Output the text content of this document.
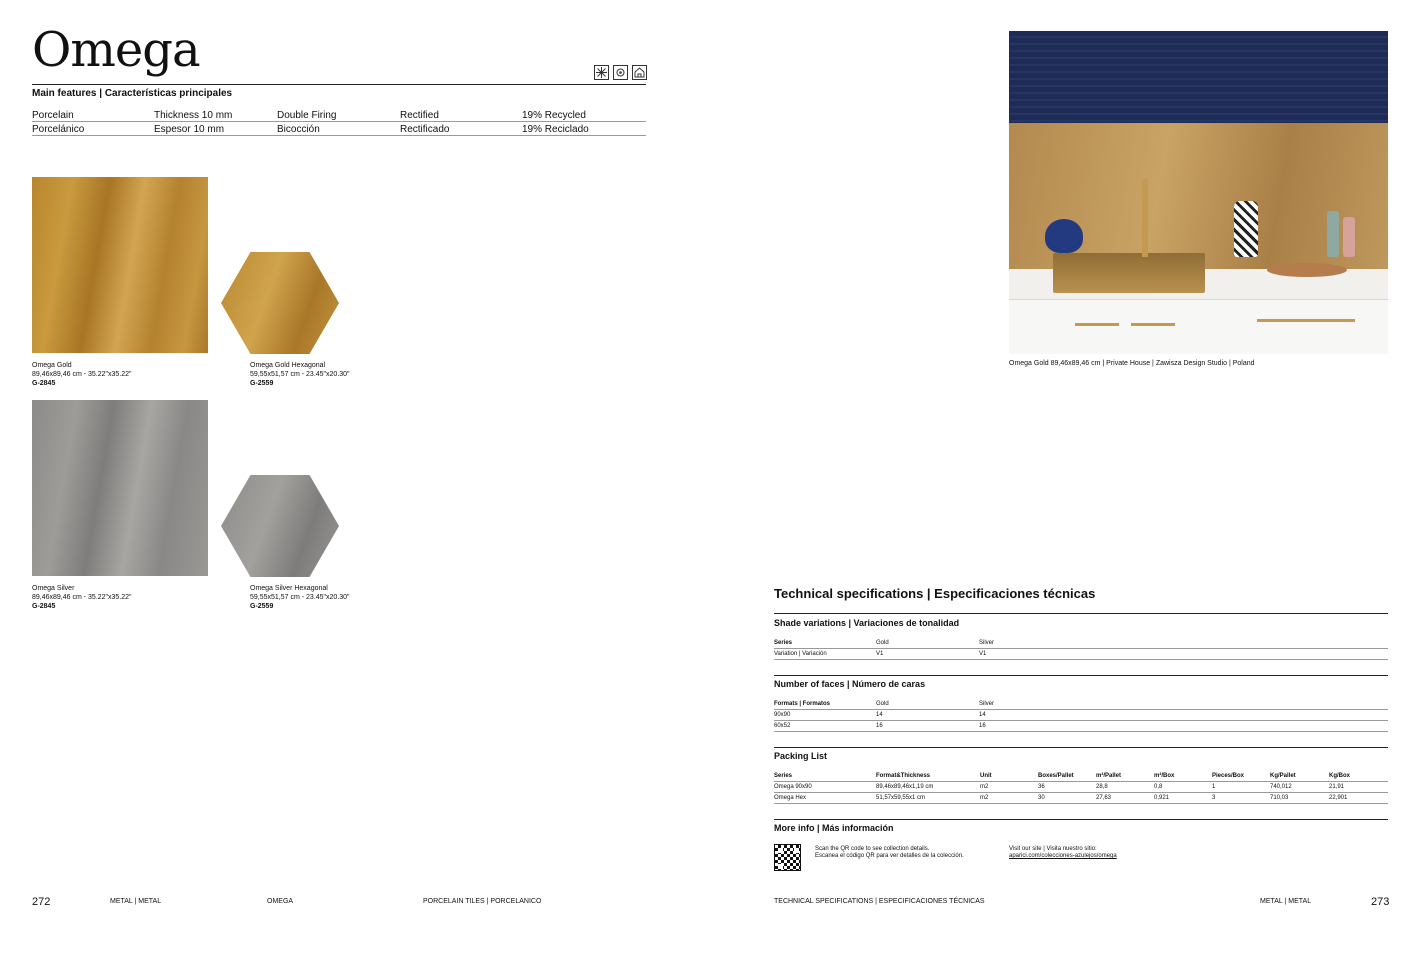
Omega
Main features | Características principales
Porcelain	Thickness 10 mm	Double Firing	Rectified	19% Recycled
Porcelánico	Espesor 10 mm	Bicocción	Rectificado	19% Reciclado
Omega Gold
89,46x89,46 cm - 35.22"x35.22"
G-2845
Omega Gold Hexagonal
59,55x51,57 cm - 23.45"x20.30"
G-2559
Omega Silver
89,46x89,46 cm - 35.22"x35.22"
G-2845
Omega Silver Hexagonal
59,55x51,57 cm - 23.45"x20.30"
G-2559
272	METAL | METAL	OMEGA	PORCELAIN TILES | PORCELANICO
Omega Gold 89,46x89,46 cm | Private House | Zawisza Design Studio | Poland
Technical specifications | Especificaciones técnicas
Shade variations | Variaciones de tonalidad
Series	Gold	Silver
Variation | Variación	V1	V1
Number of faces | Número de caras
Formats | Formatos	Gold	Silver
90x90	14	14
60x52	16	16
Packing List
Series	Format&Thickness	Unit	Boxes/Pallet	m²/Pallet	m²/Box	Pieces/Box	Kg/Pallet	Kg/Box
Omega 90x90	89,46x89,46x1,19 cm	m2	36	28,8	0,8	1	740,012	21,91
Omega Hex	51,57x59,55x1 cm	m2	30	27,63	0,921	3	710,03	22,901
More info | Más información
Scan the QR code to see collection details.
Escanea el código QR para ver detalles de la colección.
Visit our site | Visita nuestro sitio:
aparici.com/colecciones-azulejos/omega
TECHNICAL SPECIFICATIONS | ESPECIFICACIONES TÉCNICAS	METAL | METAL	273
